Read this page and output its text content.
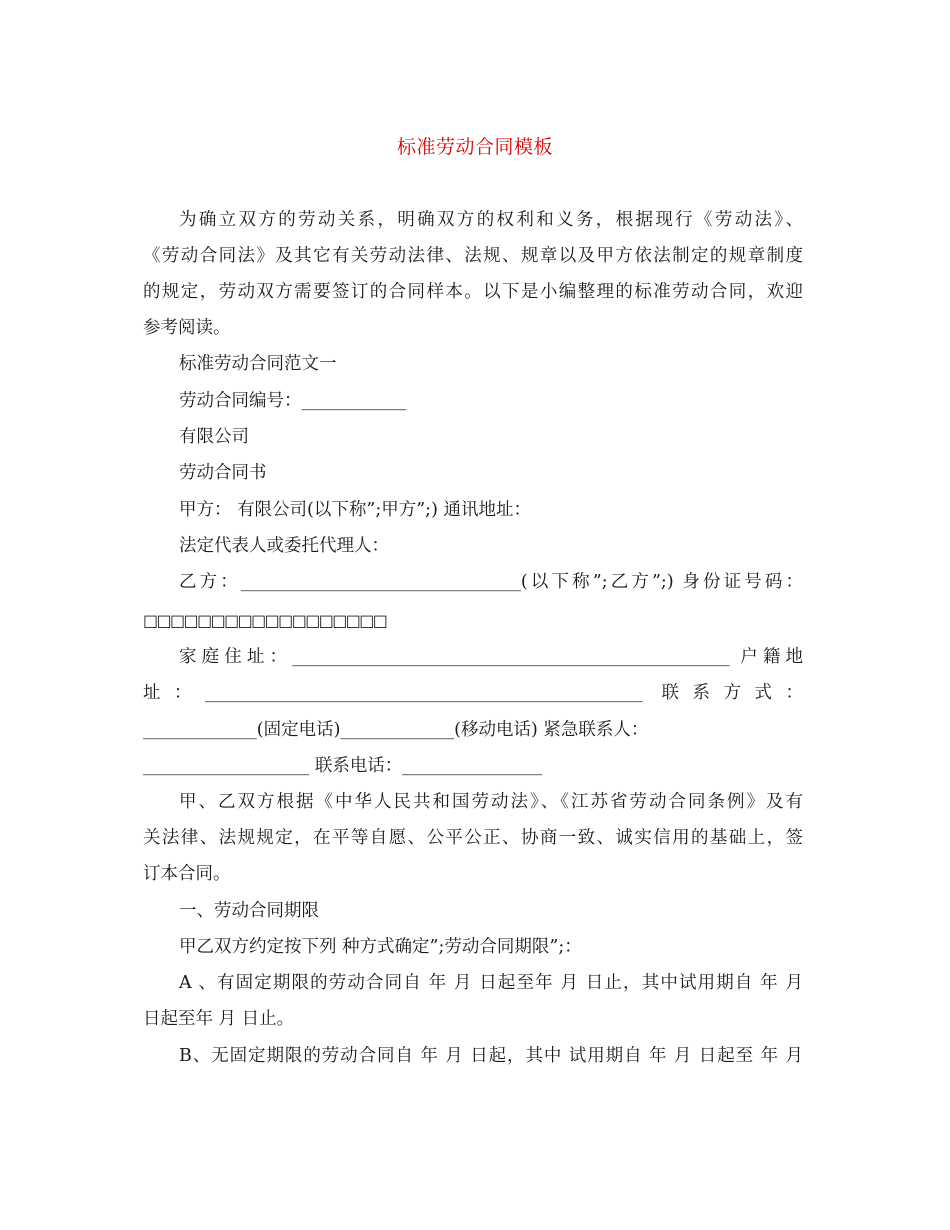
标准劳动合同模板
为确立双方的劳动关系，明确双方的权利和义务，根据现行《劳动法》、
《劳动合同法》及其它有关劳动法律、法规、规章以及甲方依法制定的规章制度
的规定，劳动双方需要签订的合同样本。以下是小编整理的标准劳动合同，欢迎
参考阅读。
标准劳动合同范文一
劳动合同编号：____________
有限公司
劳动合同书
甲方： 有限公司(以下称”;甲方”;) 通讯地址：
法定代表人或委托代理人：
乙方：________________________________(以下称”;乙方”;) 身份证号码：
□□□□□□□□□□□□□□□□□□
家庭住址：__________________________________________________ 户籍地
址：__________________________________________________ 联系方式：
_____________(固定电话)_____________(移动电话) 紧急联系人：
___________________ 联系电话：________________
甲、乙双方根据《中华人民共和国劳动法》、《江苏省劳动合同条例》及有
关法律、法规规定，在平等自愿、公平公正、协商一致、诚实信用的基础上，签
订本合同。
一、劳动合同期限
甲乙双方约定按下列 种方式确定”;劳动合同期限”;：
A 、有固定期限的劳动合同自 年 月 日起至年 月 日止，其中试用期自 年 月
日起至年 月 日止。
B、无固定期限的劳动合同自 年 月 日起，其中 试用期自 年 月 日起至 年 月
